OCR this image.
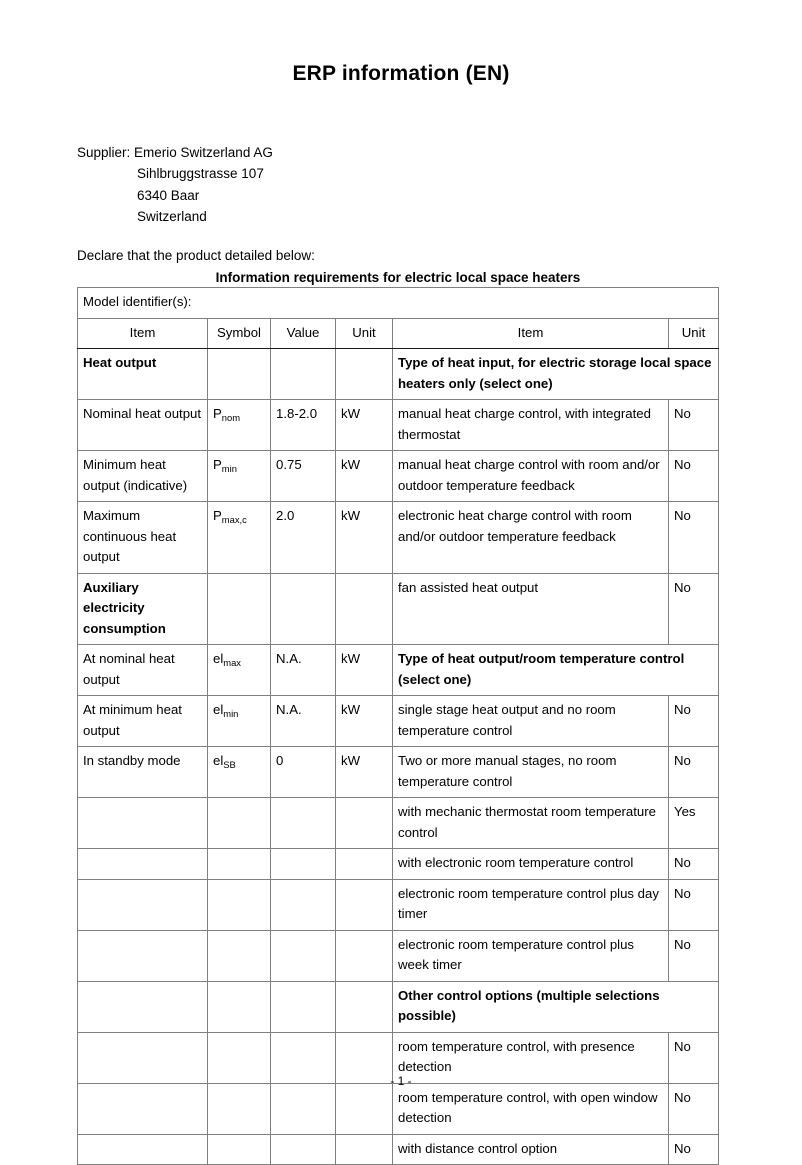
ERP information (EN)
Supplier: Emerio Switzerland AG
Sihlbruggstrasse 107
6340 Baar
Switzerland
Declare that the product detailed below:
Information requirements for electric local space heaters
Model identifier(s):					
Item	Symbol	Value	Unit	Item	Unit
Heat output				Type of heat input, for electric storage local space heaters only (select one)	
Nominal heat output	$P_{nom}$	1.8-2.0	kW	manual heat charge control, with integrated thermostat	No
Minimum heat output (indicative)	$P_{min}$	0.75	kW	manual heat charge control with room and/or outdoor temperature feedback	No
Maximum continuous heat output	$P_{max,c}$	2.0	kW	electronic heat charge control with room and/or outdoor temperature feedback	No
Auxiliary electricity consumption				fan assisted heat output	No
At nominal heat output	$el_{max}$	N.A.	kW	Type of heat output/room temperature control (select one)	
At minimum heat output	$el_{min}$	N.A.	kW	single stage heat output and no room temperature control	No
In standby mode	$el_{SB}$	0	kW	Two or more manual stages, no room temperature control	No
				with mechanic thermostat room temperature control	Yes
				with electronic room temperature control	No
				electronic room temperature control plus day timer	No
				electronic room temperature control plus week timer	No
				Other control options (multiple selections possible)	
				room temperature control, with presence detection	No
				room temperature control, with open window detection	No
				with distance control option	No
- 1 -
